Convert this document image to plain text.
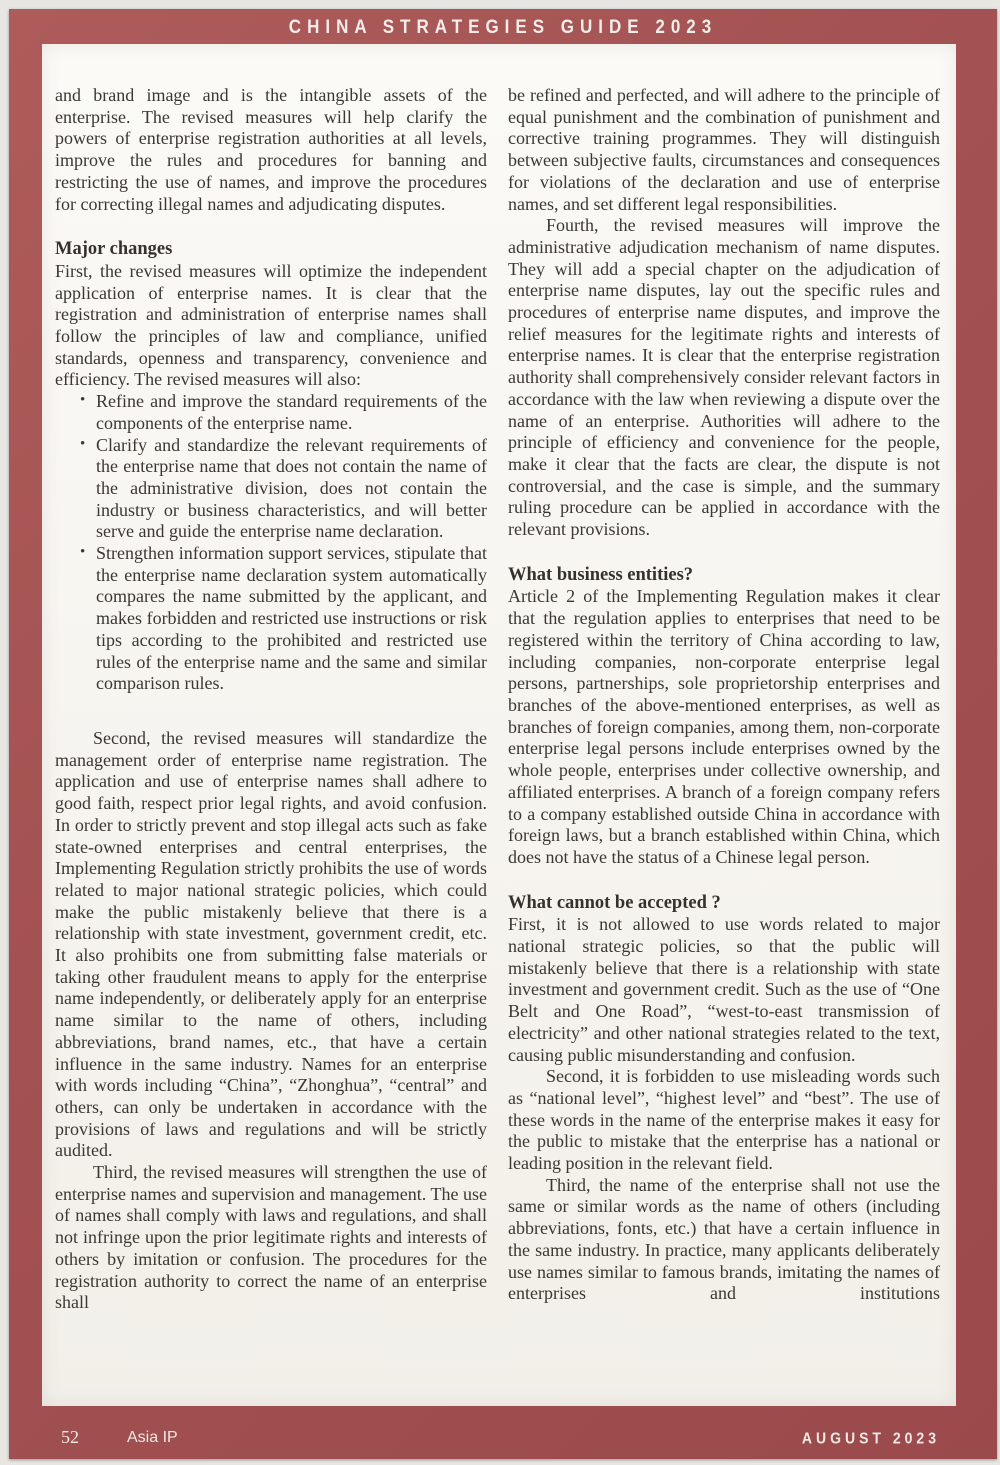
CHINA STRATEGIES GUIDE 2023

and brand image and is the intangible assets of the enterprise. The revised measures will help clarify the powers of enterprise registration authorities at all levels, improve the rules and procedures for banning and restricting the use of names, and improve the procedures for correcting illegal names and adjudicating disputes.

Major changes

First, the revised measures will optimize the independent application of enterprise names. It is clear that the registration and administration of enterprise names shall follow the principles of law and compliance, unified standards, openness and transparency, convenience and efficiency. The revised measures will also:

• Refine and improve the standard requirements of the components of the enterprise name.
• Clarify and standardize the relevant requirements of the enterprise name that does not contain the name of the administrative division, does not contain the industry or business characteristics, and will better serve and guide the enterprise name declaration.
• Strengthen information support services, stipulate that the enterprise name declaration system automatically compares the name submitted by the applicant, and makes forbidden and restricted use instructions or risk tips according to the prohibited and restricted use rules of the enterprise name and the same and similar comparison rules.

Second, the revised measures will standardize the management order of enterprise name registration. The application and use of enterprise names shall adhere to good faith, respect prior legal rights, and avoid confusion. In order to strictly prevent and stop illegal acts such as fake state-owned enterprises and central enterprises, the Implementing Regulation strictly prohibits the use of words related to major national strategic policies, which could make the public mistakenly believe that there is a relationship with state investment, government credit, etc. It also prohibits one from submitting false materials or taking other fraudulent means to apply for the enterprise name independently, or deliberately apply for an enterprise name similar to the name of others, including abbreviations, brand names, etc., that have a certain influence in the same industry. Names for an enterprise with words including “China”, “Zhonghua”, “central” and others, can only be undertaken in accordance with the provisions of laws and regulations and will be strictly audited.

Third, the revised measures will strengthen the use of enterprise names and supervision and management. The use of names shall comply with laws and regulations, and shall not infringe upon the prior legitimate rights and interests of others by imitation or confusion. The procedures for the registration authority to correct the name of an enterprise shall

be refined and perfected, and will adhere to the principle of equal punishment and the combination of punishment and corrective training programmes. They will distinguish between subjective faults, circumstances and consequences for violations of the declaration and use of enterprise names, and set different legal responsibilities.

Fourth, the revised measures will improve the administrative adjudication mechanism of name disputes. They will add a special chapter on the adjudication of enterprise name disputes, lay out the specific rules and procedures of enterprise name disputes, and improve the relief measures for the legitimate rights and interests of enterprise names. It is clear that the enterprise registration authority shall comprehensively consider relevant factors in accordance with the law when reviewing a dispute over the name of an enterprise. Authorities will adhere to the principle of efficiency and convenience for the people, make it clear that the facts are clear, the dispute is not controversial, and the case is simple, and the summary ruling procedure can be applied in accordance with the relevant provisions.

What business entities?

Article 2 of the Implementing Regulation makes it clear that the regulation applies to enterprises that need to be registered within the territory of China according to law, including companies, non-corporate enterprise legal persons, partnerships, sole proprietorship enterprises and branches of the above-mentioned enterprises, as well as branches of foreign companies, among them, non-corporate enterprise legal persons include enterprises owned by the whole people, enterprises under collective ownership, and affiliated enterprises. A branch of a foreign company refers to a company established outside China in accordance with foreign laws, but a branch established within China, which does not have the status of a Chinese legal person.

What cannot be accepted ?

First, it is not allowed to use words related to major national strategic policies, so that the public will mistakenly believe that there is a relationship with state investment and government credit. Such as the use of “One Belt and One Road”, “west-to-east transmission of electricity” and other national strategies related to the text, causing public misunderstanding and confusion.

Second, it is forbidden to use misleading words such as “national level”, “highest level” and “best”. The use of these words in the name of the enterprise makes it easy for the public to mistake that the enterprise has a national or leading position in the relevant field.

Third, the name of the enterprise shall not use the same or similar words as the name of others (including abbreviations, fonts, etc.) that have a certain influence in the same industry. In practice, many applicants deliberately use names similar to famous brands, imitating the names of enterprises and institutions

52	Asia IP	AUGUST 2023
